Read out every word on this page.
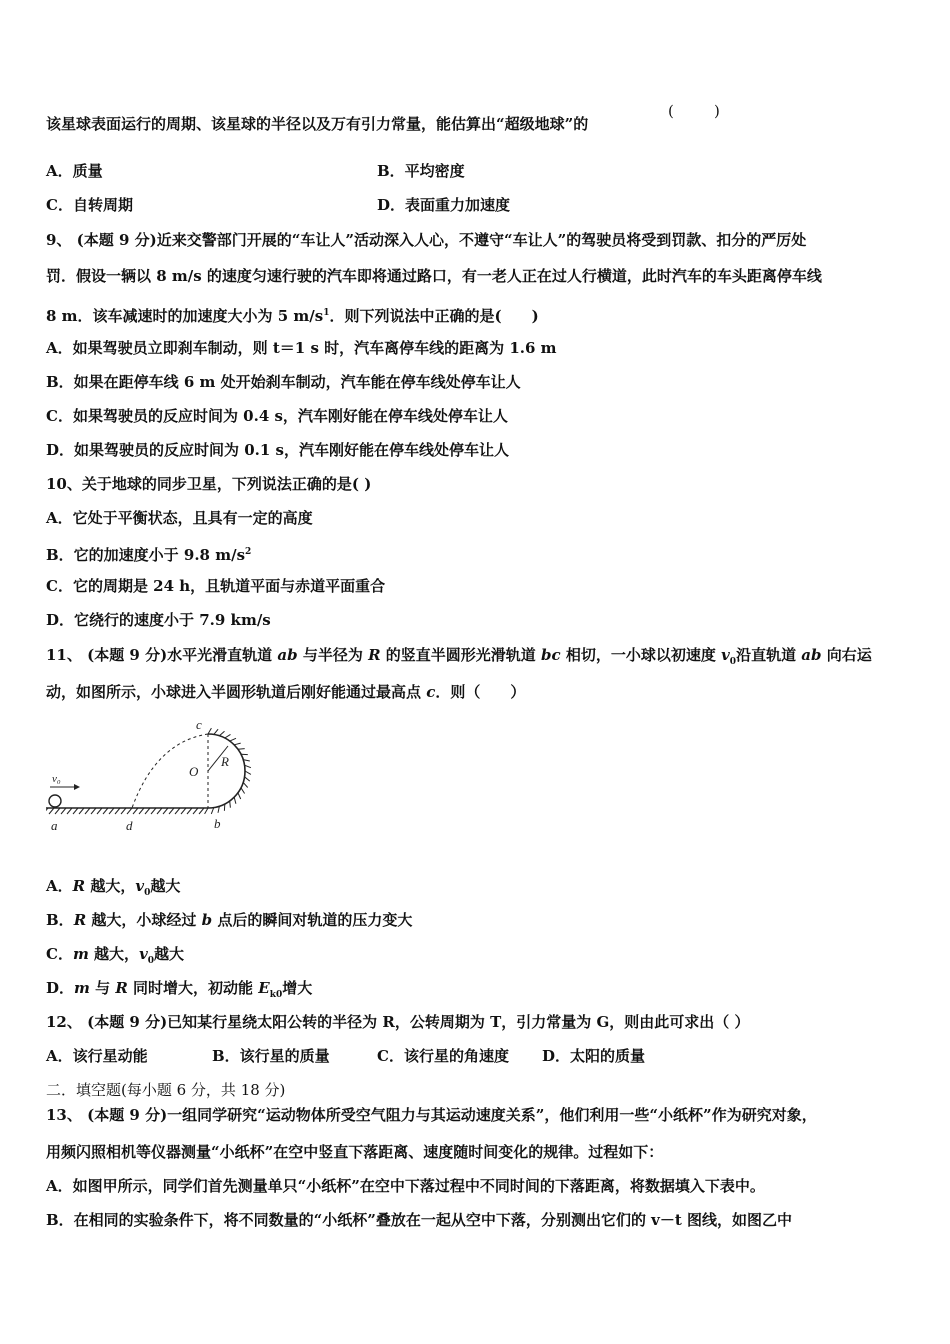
该星球表面运行的周期、该星球的半径以及万有引力常量，能估算出“超级地球”的
(	)
A．质量	B．平均密度
C．自转周期	D．表面重力加速度
9、 (本题 9 分)近来交警部门开展的“车让人”活动深入人心，不遵守“车让人”的驾驶员将受到罚款、扣分的严厉处
罚．假设一辆以 8 m/s 的速度匀速行驶的汽车即将通过路口，有一老人正在过人行横道，此时汽车的车头距离停车线
8 m．该车减速时的加速度大小为 5 $m/s^1$．则下列说法中正确的是(　　)
A．如果驾驶员立即刹车制动，则 t＝1 s 时，汽车离停车线的距离为 1.6 m
B．如果在距停车线 6 m 处开始刹车制动，汽车能在停车线处停车让人
C．如果驾驶员的反应时间为 0.4 s，汽车刚好能在停车线处停车让人
D．如果驾驶员的反应时间为 0.1 s，汽车刚好能在停车线处停车让人
10、关于地球的同步卫星，下列说法正确的是( )
A．它处于平衡状态，且具有一定的高度
B．它的加速度小于 9.8 $m/s^2$
C．它的周期是 24 h，且轨道平面与赤道平面重合
D．它绕行的速度小于 7.9 km/s
11、 (本题 9 分)水平光滑直轨道 ab 与半径为 R 的竖直半圆形光滑轨道 bc 相切，一小球以初速度 $v_0$沿直轨道 ab 向右运
动，如图所示，小球进入半圆形轨道后刚好能通过最高点 c．则（　　）
c
O
R
v₀
a	d	b
A．R 越大，$v_0$越大
B．R 越大，小球经过 b 点后的瞬间对轨道的压力变大
C．m 越大，$v_0$越大
D．m 与 R 同时增大，初动能 $E_{k0}$增大
12、 (本题 9 分)已知某行星绕太阳公转的半径为 R，公转周期为 T，引力常量为 G，则由此可求出（ ）
A．该行星动能	B．该行星的质量	C．该行星的角速度 D．太阳的质量
二．填空题(每小题 6 分，共 18 分)
13、 (本题 9 分)一组同学研究“运动物体所受空气阻力与其运动速度关系”，他们利用一些“小纸杯”作为研究对象，
用频闪照相机等仪器测量“小纸杯”在空中竖直下落距离、速度随时间变化的规律。过程如下：
A．如图甲所示，同学们首先测量单只“小纸杯”在空中下落过程中不同时间的下落距离，将数据填入下表中。
B．在相同的实验条件下，将不同数量的“小纸杯”叠放在一起从空中下落，分别测出它们的 v－t 图线，如图乙中
